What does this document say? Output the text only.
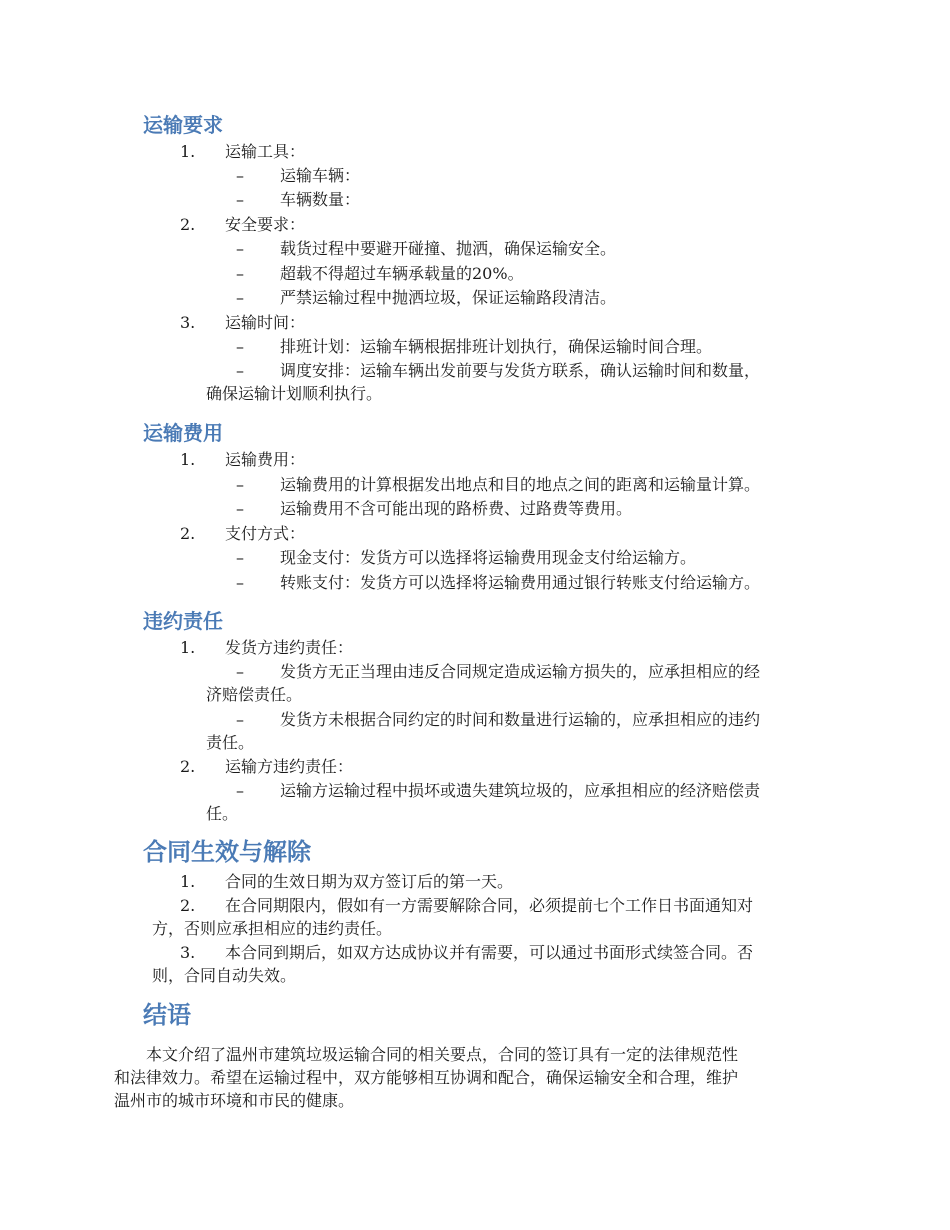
运输要求
1. 运输工具：
– 运输车辆：
– 车辆数量：
2. 安全要求：
– 载货过程中要避开碰撞、抛洒，确保运输安全。
– 超载不得超过车辆承载量的20%。
– 严禁运输过程中抛洒垃圾，保证运输路段清洁。
3. 运输时间：
– 排班计划：运输车辆根据排班计划执行，确保运输时间合理。
– 调度安排：运输车辆出发前要与发货方联系，确认运输时间和数量，
确保运输计划顺利执行。
运输费用
1. 运输费用：
– 运输费用的计算根据发出地点和目的地点之间的距离和运输量计算。
– 运输费用不含可能出现的路桥费、过路费等费用。
2. 支付方式：
– 现金支付：发货方可以选择将运输费用现金支付给运输方。
– 转账支付：发货方可以选择将运输费用通过银行转账支付给运输方。
违约责任
1. 发货方违约责任：
– 发货方无正当理由违反合同规定造成运输方损失的，应承担相应的经
济赔偿责任。
– 发货方未根据合同约定的时间和数量进行运输的，应承担相应的违约
责任。
2. 运输方违约责任：
– 运输方运输过程中损坏或遗失建筑垃圾的，应承担相应的经济赔偿责
任。
合同生效与解除
1. 合同的生效日期为双方签订后的第一天。
2. 在合同期限内，假如有一方需要解除合同，必须提前七个工作日书面通知对
方，否则应承担相应的违约责任。
3. 本合同到期后，如双方达成协议并有需要，可以通过书面形式续签合同。否
则，合同自动失效。
结语
本文介绍了温州市建筑垃圾运输合同的相关要点，合同的签订具有一定的法律规范性
和法律效力。希望在运输过程中，双方能够相互协调和配合，确保运输安全和合理，维护
温州市的城市环境和市民的健康。
